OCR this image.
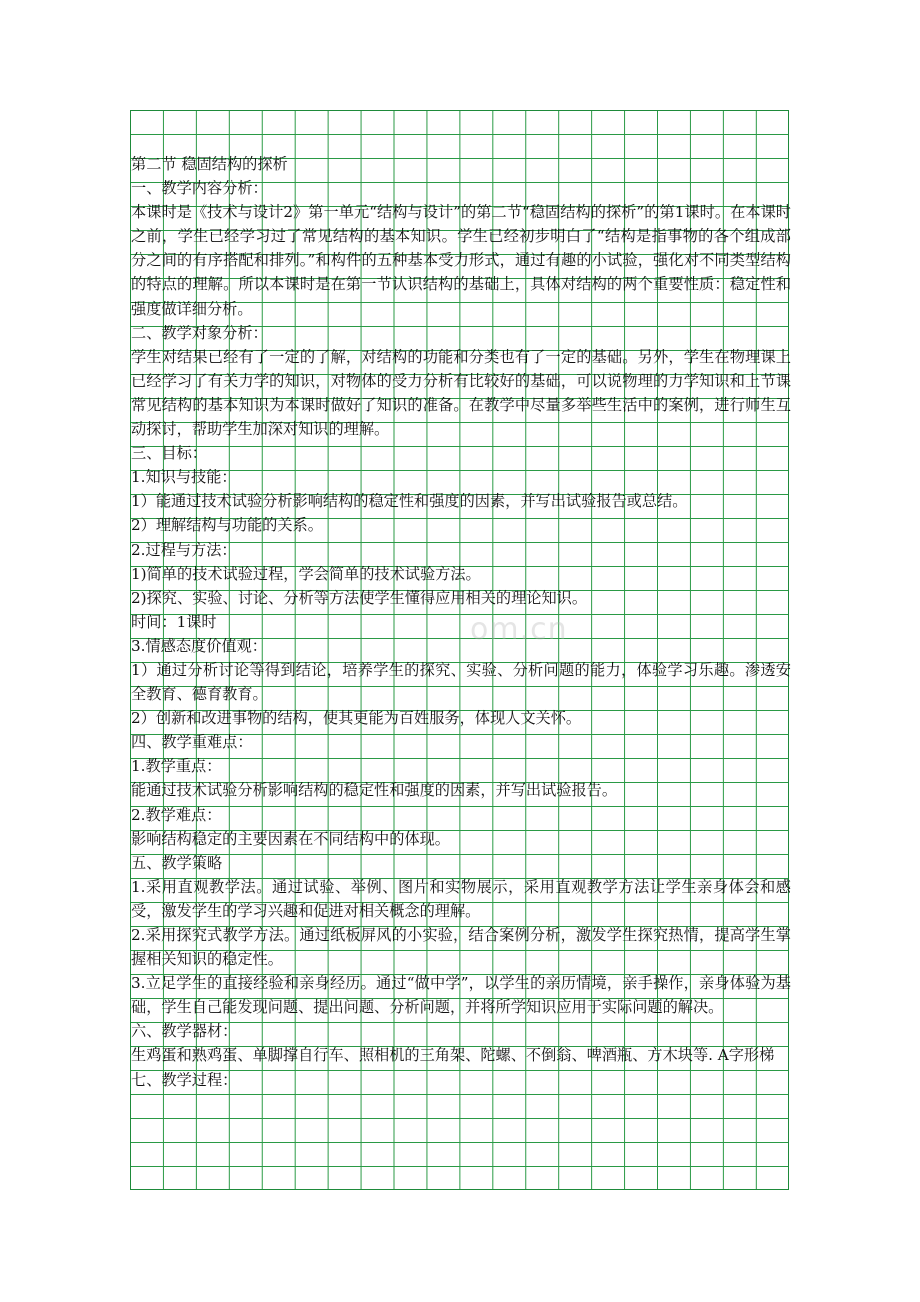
第二节 稳固结构的探析
一、教学内容分析：
本课时是《技术与设计2》第一单元“结构与设计”的第二节“稳固结构的探析”的第1课时。在本课时之前，学生已经学习过了常见结构的基本知识。学生已经初步明白了“结构是指事物的各个组成部分之间的有序搭配和排列。”和构件的五种基本受力形式，通过有趣的小试验，强化对不同类型结构的特点的理解。所以本课时是在第一节认识结构的基础上，具体对结构的两个重要性质：稳定性和强度做详细分析。
二、教学对象分析：
学生对结果已经有了一定的了解，对结构的功能和分类也有了一定的基础。另外，学生在物理课上已经学习了有关力学的知识，对物体的受力分析有比较好的基础，可以说物理的力学知识和上节课常见结构的基本知识为本课时做好了知识的准备。在教学中尽量多举些生活中的案例，进行师生互动探讨，帮助学生加深对知识的理解。
三、目标：
1.知识与技能：
1）能通过技术试验分析影响结构的稳定性和强度的因素，并写出试验报告或总结。
2）理解结构与功能的关系。
2.过程与方法：
1)简单的技术试验过程，学会简单的技术试验方法。
2)探究、实验、讨论、分析等方法使学生懂得应用相关的理论知识。
时间：1课时
3.情感态度价值观：
1）通过分析讨论等得到结论，培养学生的探究、实验、分析问题的能力，体验学习乐趣。渗透安全教育、德育教育。
2）创新和改进事物的结构，使其更能为百姓服务，体现人文关怀。
四、教学重难点：
1.教学重点：
能通过技术试验分析影响结构的稳定性和强度的因素，并写出试验报告。
2.教学难点：
影响结构稳定的主要因素在不同结构中的体现。
五、教学策略
1.采用直观教学法。通过试验、举例、图片和实物展示，采用直观教学方法让学生亲身体会和感受，激发学生的学习兴趣和促进对相关概念的理解。
2.采用探究式教学方法。通过纸板屏风的小实验，结合案例分析，激发学生探究热情，提高学生掌握相关知识的稳定性。
3.立足学生的直接经验和亲身经历。通过“做中学”，以学生的亲历情境，亲手操作，亲身体验为基础，学生自己能发现问题、提出问题、分析问题，并将所学知识应用于实际问题的解决。
六、教学器材：
生鸡蛋和熟鸡蛋、单脚撑自行车、照相机的三角架、陀螺、不倒翁、啤酒瓶、方木块等. A字形梯
七、教学过程：
om.cn
